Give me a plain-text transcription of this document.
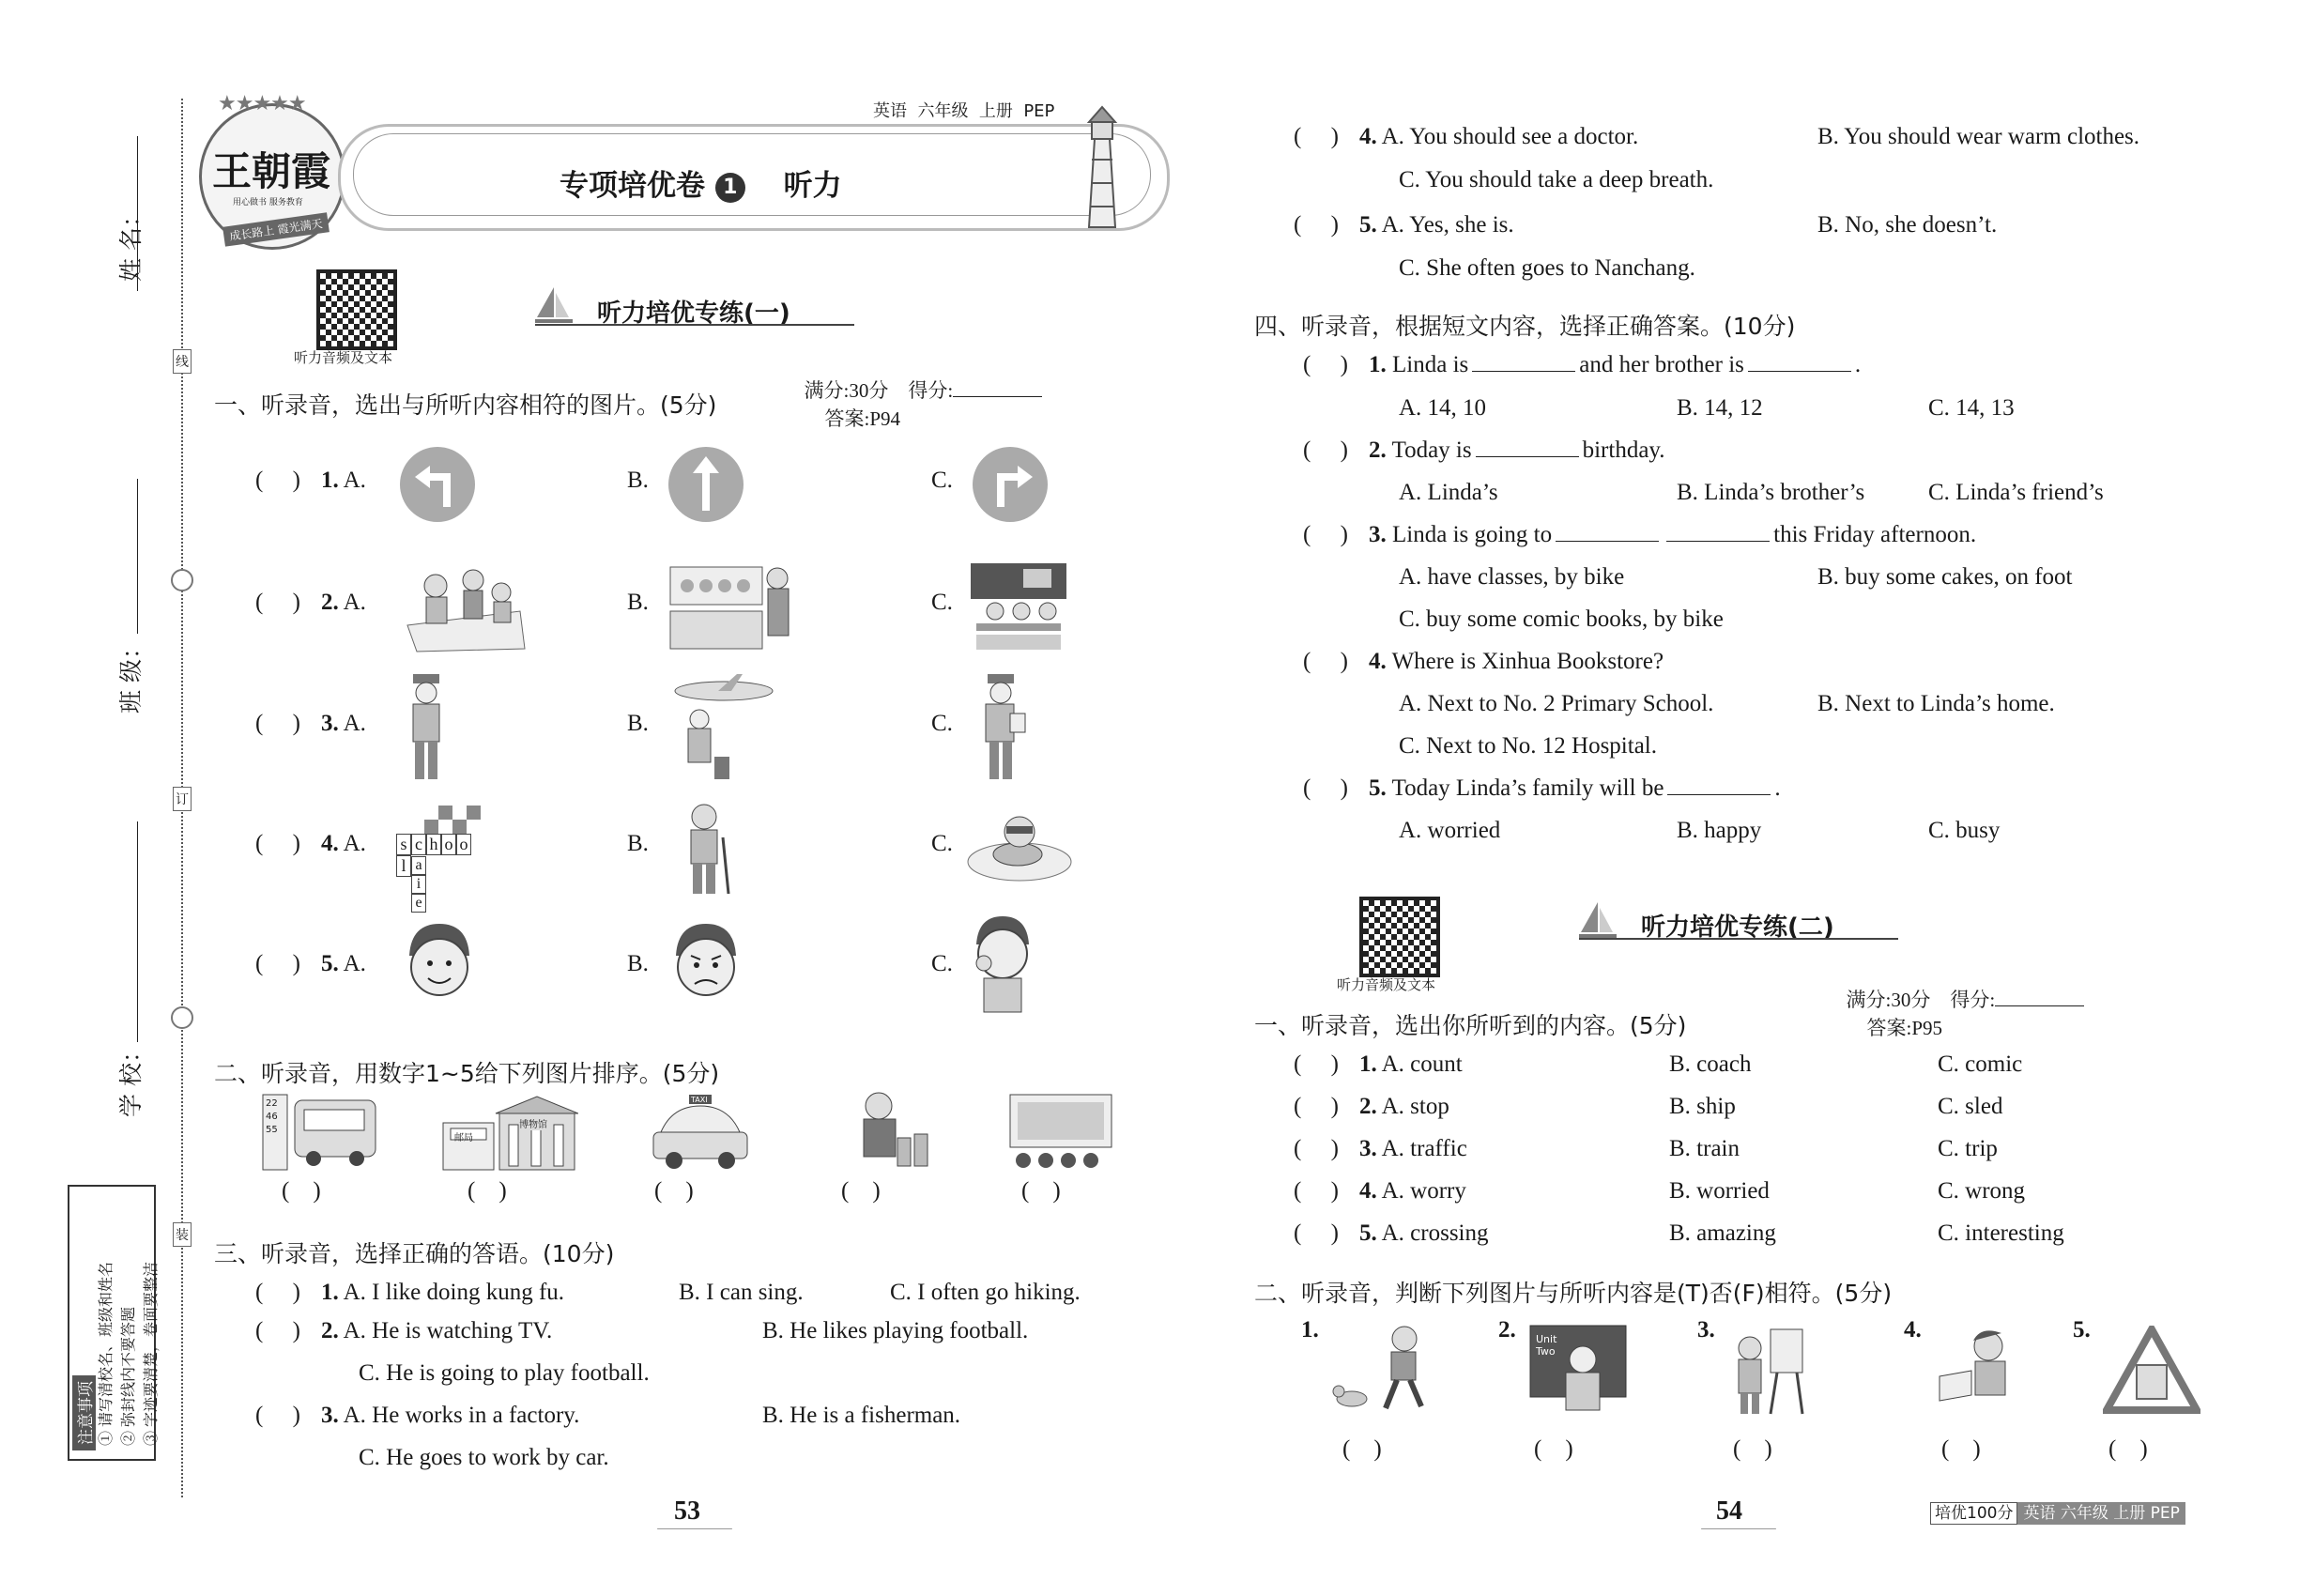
姓 名：
线
班 级：
订
学 校：
装
注意事项 ① 请写清校名、班级和姓名 ② 弥封线内不要答题 ③ 字迹要清楚，卷面要整洁
★★★★★
王朝霞
用心做书 服务教育
成长路上 霞光满天
英语  六年级  上册  PEP
专项培优卷 1 听力
听力音频及文本
听力培优专练(一)

满分:30分    得分:
答案:P94

一、听录音，选出与所听内容相符的图片。(5分)
(     ) 1. A.	B.	C.
(     ) 2. A.	B.	C.
(     ) 3. A.	B.	C.
(     ) 4. A.	B.	C.
s c h o ol a
i
e
(     ) 5. A.	B.	C.
二、听录音，用数字1~5给下列图片排序。(5分)
22
46
55
邮局
博物馆
TAXI
(    )	(    )	(    )	(    )	(    )
三、听录音，选择正确的答语。(10分)
(     ) 1. A. I like doing kung fu.	B. I can sing.	C. I often go hiking.
(     ) 2. A. He is watching TV.	B. He likes playing football.
C. He is going to play football.
(     ) 3. A. He works in a factory.	B. He is a fisherman.
C. He goes to work by car.
53
(     ) 4. A. You should see a doctor.	B. You should wear warm clothes.
C. You should take a deep breath.
(     ) 5. A. Yes, she is.	B. No, she doesn’t.
C. She often goes to Nanchang.
四、听录音，根据短文内容，选择正确答案。(10分)
(     ) 1. Linda is	and her brother is	.
A. 14, 10	B. 14, 12	C. 14, 13
(     ) 2. Today is	birthday.
A. Linda’s	B. Linda’s brother’s	C. Linda’s friend’s
(     ) 3. Linda is going to	this Friday afternoon.
A. have classes, by bike	B. buy some cakes, on foot
C. buy some comic books, by bike
(     ) 4. Where is Xinhua Bookstore?
A. Next to No. 2 Primary School.	B. Next to Linda’s home.
C. Next to No. 12 Hospital.
(     ) 5. Today Linda’s family will be	.
A. worried	B. happy	C. busy
听力音频及文本
听力培优专练(二)

满分:30分    得分:
答案:P95

一、听录音，选出你所听到的内容。(5分)
(     ) 1. A. count	B. coach	C. comic
(     ) 2. A. stop	B. ship	C. sled
(     ) 3. A. traffic	B. train	C. trip
(     ) 4. A. worry	B. worried	C. wrong
(     ) 5. A. crossing	B. amazing	C. interesting
二、听录音，判断下列图片与所听内容是(T)否(F)相符。(5分)
1.	2.	3.	4.	5.
Unit Two
(    )	(    )	(    )	(    )	(    )
54	培优100分 英语 六年级 上册 PEP
